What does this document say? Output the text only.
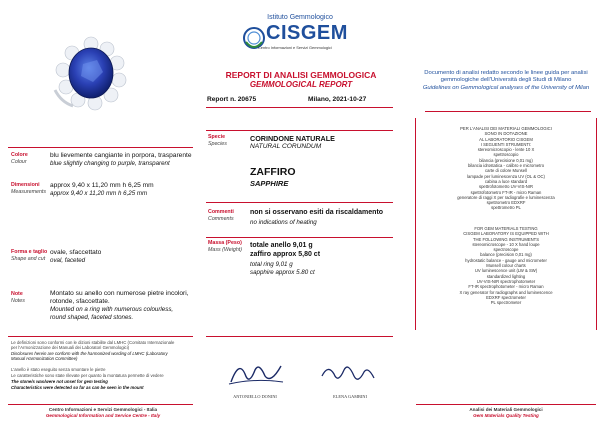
Istituto Gemmologico
CISGEM
Centro Informazioni e Servizi Gemmologici
REPORT DI ANALISI GEMMOLOGICA
GEMMOLOGICAL REPORT
Report n. 20675	Milano, 2021-10-27
Documento di analisi redatto secondo le linee guida per analisi gemmologiche dell'Università degli Studi di Milano
Guidelines on Gemmological analyses of the University of Milan
Colore
Colour
blu lievemente cangiante in porpora, trasparente
blue slightly changing to purple, transparent
Dimensioni
Measurements
approx 9,40 x 11,20 mm h 6,25 mm
approx 9,40 x 11,20 mm h 6,25 mm
Forma e taglio
Shape and cut
ovale, sfaccettato
oval, faceted
Note
Notes
Montato su anello con numerose pietre incolori, rotonde, sfaccettate.
Mounted on a ring with numerous colourless, round shaped, faceted stones.
Le definizioni sono conformi con le dizioni stabilite dal LMHC (Comitato Internazionale per l'Armonizzazione dei Manuali dei Laboratori Gemmologici)
Disclosures herein are conform with the harmonized wording of LMHC (Laboratory Manual Harmonization Committee)
L'anello è stato eseguito senza smontare le pietre
Le caratteristiche sono state rilevate per quanto la montatura permette di vedere
The stone/s was/were not unset for gem testing
Characteristics were detected so far as can be seen in the mount
Specie
Species
CORINDONE NATURALE
NATURAL CORUNDUM
ZAFFIRO
SAPPHIRE
Commenti
Comments
non si osservano esiti da riscaldamento
no indications of heating
Massa (Peso)
Mass (Weight)
totale anello 9,01 g
zaffiro approx 5,80 ct
total ring 9,01 g
sapphire approx 5.80 ct
PER L'ANALISI DEI MATERIALI GEMMOLOGICI
SONO IN DOTAZIONE
AL LABORATORIO CISGEM
I SEGUENTI STRUMENTI:
stereomicroscopio - lente 10 X
spettroscopio
bilancia (precisione 0,01 mg)
bilancia idrostatica - calibro e micrometro
carte di colore Munsell
lampade per luminescenza UV (OL & OC)
cabina a luce standard
spettrofotometro UV-VIS-NIR
spettrofotometro FT-IR - micro Raman
generatore di raggi X per radiografie e luminescenza
spettrometro EDXRF
spettrometro PL
FOR GEM MATERIALS TESTING
CISGEM LABORATORY IS EQUIPPED WITH
THE FOLLOWING INSTRUMENTS
stereomicroscope - 10 X hand loupe
spectroscope
balance (precision 0,01 mg)
hydrostatic balance - gauge and micrometer
Munsell colour charts
UV luminescence unit (LW & SW)
standardized lighting
UV-VIS-NIR spectrophotometer
FT-IR spectrophotometer - micro Raman
X ray generator for radiographs and luminescence
EDXRF spectrometer
PL spectrometer
ANTONIELLO DONINI	ELENA GAMBINI
Centro Informazioni e Servizi Gemmologici - Italia
Gemmological Information and Service Centre - Italy
Analisi dei Materiali Gemmologici
Gem Materials Quality Testing
